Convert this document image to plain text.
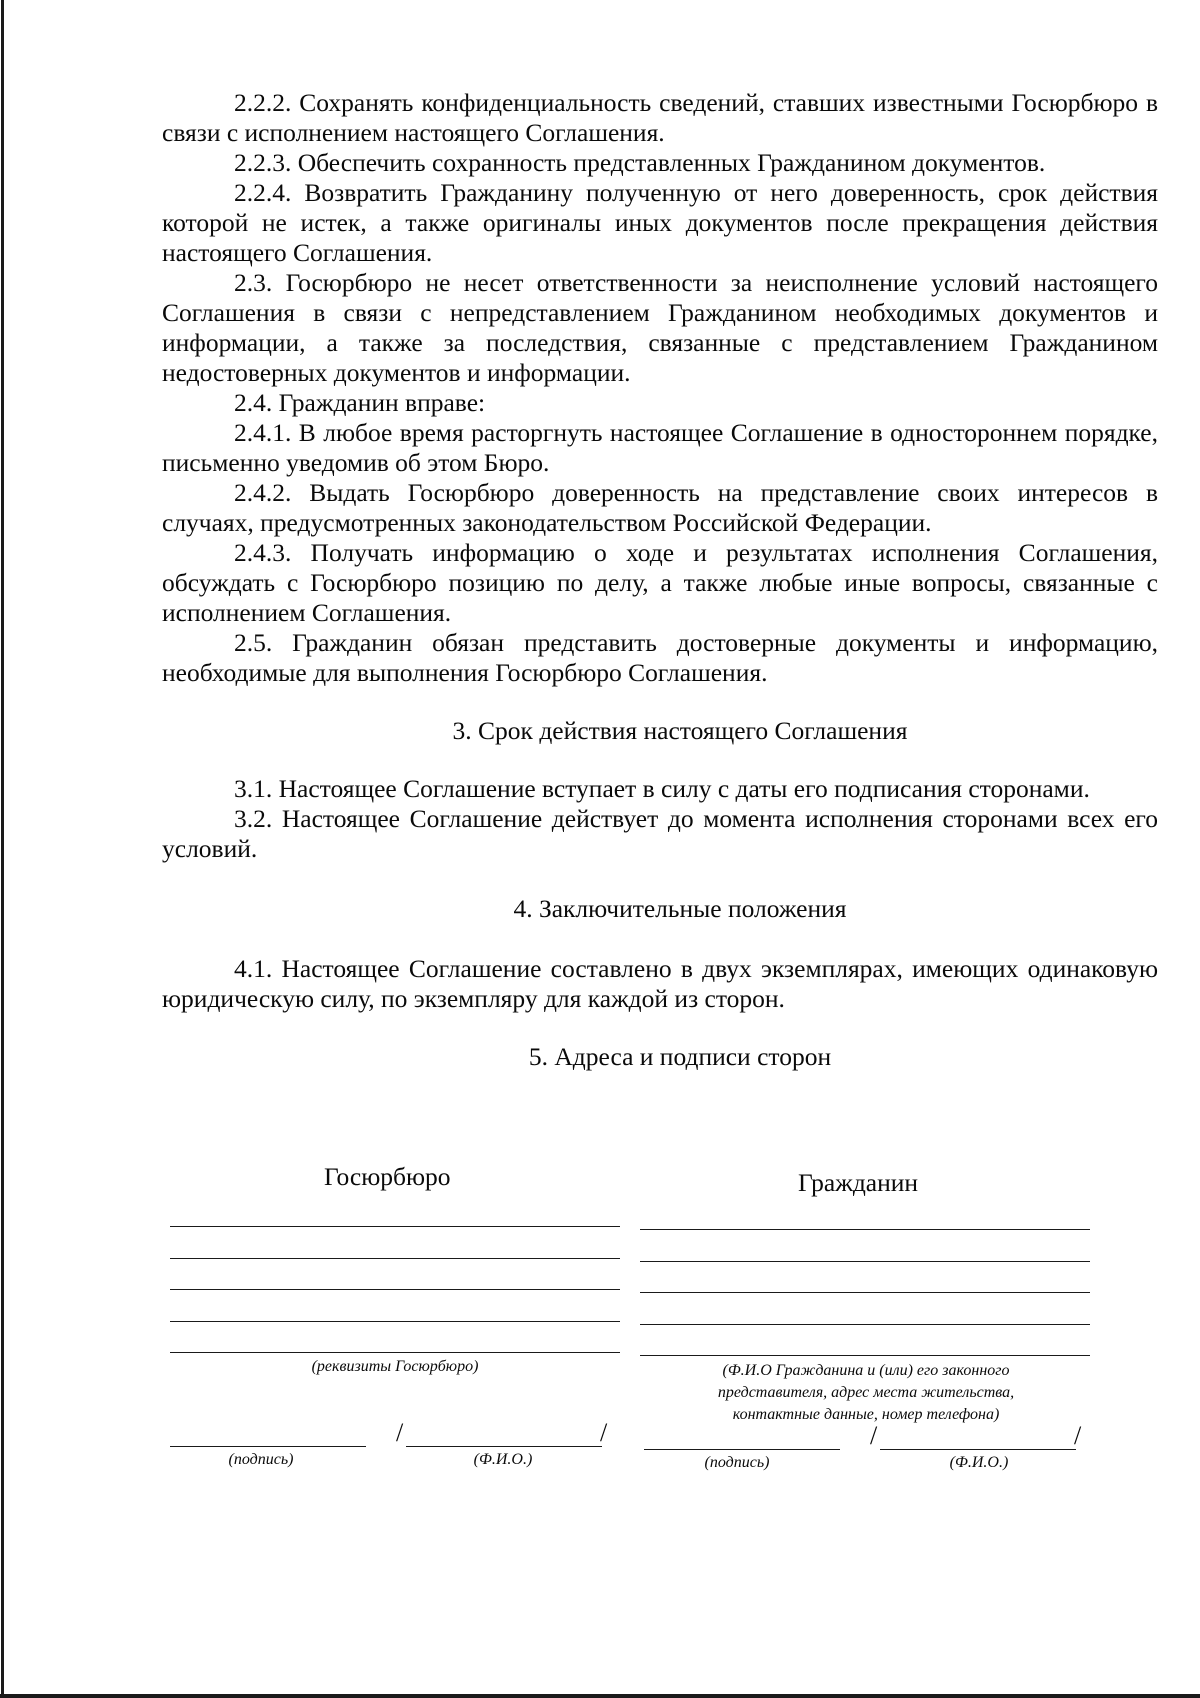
2.2.2. Сохранять конфиденциальность сведений, ставших известными Госюрбюро в связи с исполнением настоящего Соглашения.

2.2.3. Обеспечить сохранность представленных Гражданином документов.

2.2.4. Возвратить Гражданину полученную от него доверенность, срок действия которой не истек, а также оригиналы иных документов после прекращения действия настоящего Соглашения.

2.3. Госюрбюро не несет ответственности за неисполнение условий настоящего Соглашения в связи с непредставлением Гражданином необходимых документов и информации, а также за последствия, связанные с представлением Гражданином недостоверных документов и информации.

2.4. Гражданин вправе:

2.4.1. В любое время расторгнуть настоящее Соглашение в одностороннем порядке, письменно уведомив об этом Бюро.

2.4.2. Выдать Госюрбюро доверенность на представление своих интересов в случаях, предусмотренных законодательством Российской Федерации.

2.4.3. Получать информацию о ходе и результатах исполнения Соглашения, обсуждать с Госюрбюро позицию по делу, а также любые иные вопросы, связанные с исполнением Соглашения.

2.5. Гражданин обязан представить достоверные документы и информацию, необходимые для выполнения Госюрбюро Соглашения.

3. Срок действия настоящего Соглашения

3.1. Настоящее Соглашение вступает в силу с даты его подписания сторонами.

3.2. Настоящее Соглашение действует до момента исполнения сторонами всех его условий.

4. Заключительные положения

4.1. Настоящее Соглашение составлено в двух экземплярах, имеющих одинаковую юридическую силу, по экземпляру для каждой из сторон.

5. Адреса и подписи сторон

Госюрбюро	Гражданин
(реквизиты Госюрбюро)	(Ф.И.О Гражданина и (или) его законного представителя, адрес места жительства, контактные данные, номер телефона)
/	/
(подпись)	(Ф.И.О.)
/	/
(подпись)	(Ф.И.О.)
